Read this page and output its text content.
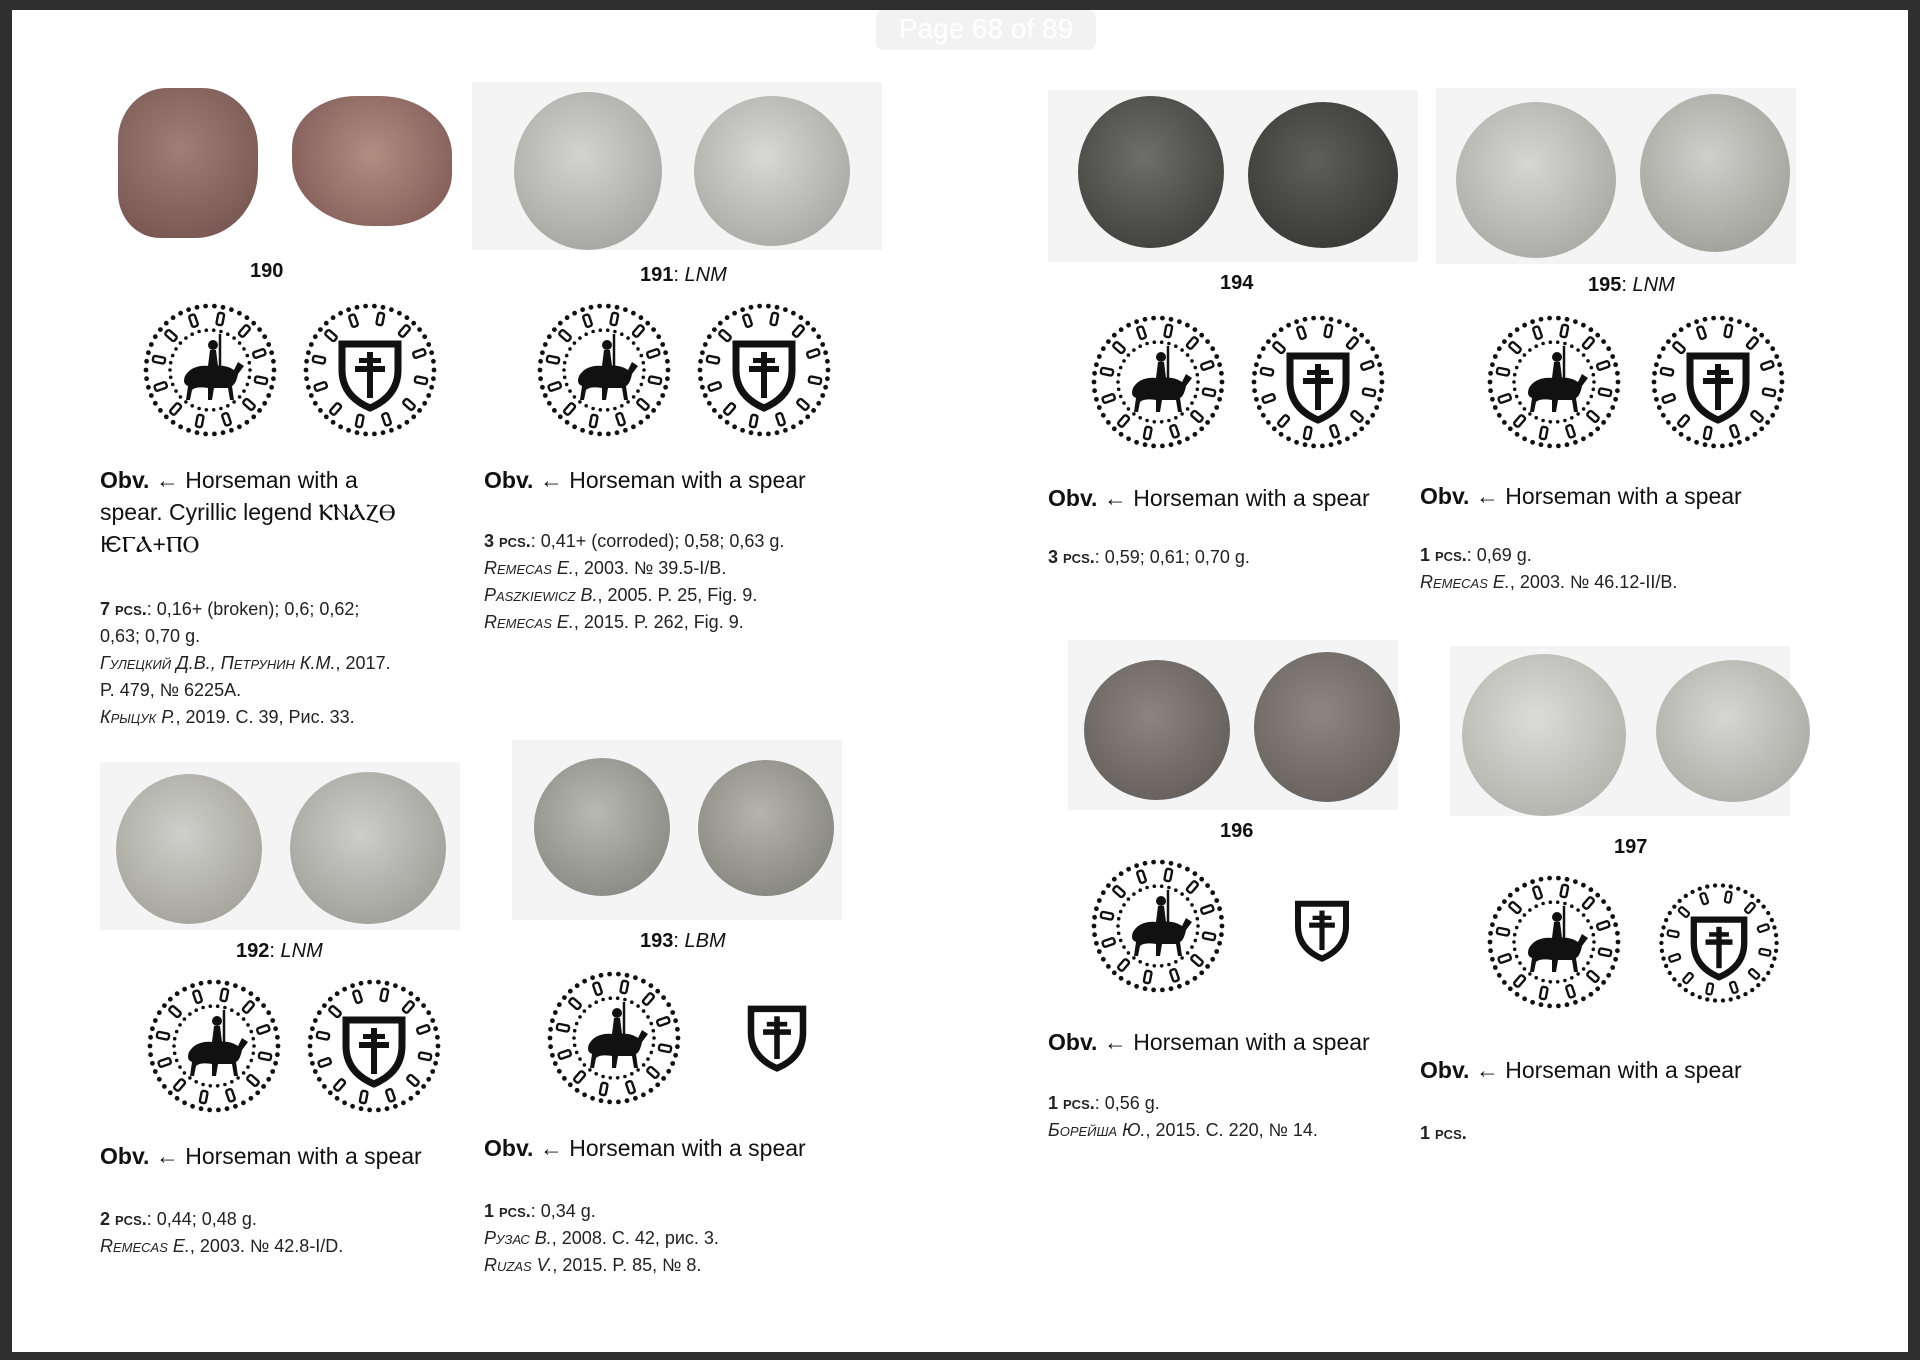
Page 68 of 89
190
Obv. ← Horseman with a
spear. Cyrillic legend ⲔⲚⲀⲌⲐ
ѤⲄⲀ+ⲠⲞ
7 pcs.: 0,16+ (broken); 0,6; 0,62;
0,63; 0,70 g.
Гулецкий Д.В., Петрунин К.М., 2017.
P. 479, № 6225A.
Крыцук Р., 2019. С. 39, Рис. 33.
191: LNM
Obv. ← Horseman with a spear
3 pcs.: 0,41+ (corroded); 0,58; 0,63 g.
Remecas E., 2003. № 39.5-I/B.
Paszkiewicz B., 2005. P. 25, Fig. 9.
Remecas E., 2015. P. 262, Fig. 9.
192: LNM
Obv. ← Horseman with a spear
2 pcs.: 0,44; 0,48 g.
Remecas E., 2003. № 42.8-I/D.
193: LBM
Obv. ← Horseman with a spear
1 pcs.: 0,34 g.
Рузас В., 2008. С. 42, рис. 3.
Ruzas V., 2015. P. 85, № 8.
194
Obv. ← Horseman with a spear
3 pcs.: 0,59; 0,61; 0,70 g.
195: LNM
Obv. ← Horseman with a spear
1 pcs.: 0,69 g.
Remecas E., 2003. № 46.12-II/B.
196
Obv. ← Horseman with a spear
1 pcs.: 0,56 g.
Борейша Ю., 2015. С. 220, № 14.
197
Obv. ← Horseman with a spear
1 pcs.
